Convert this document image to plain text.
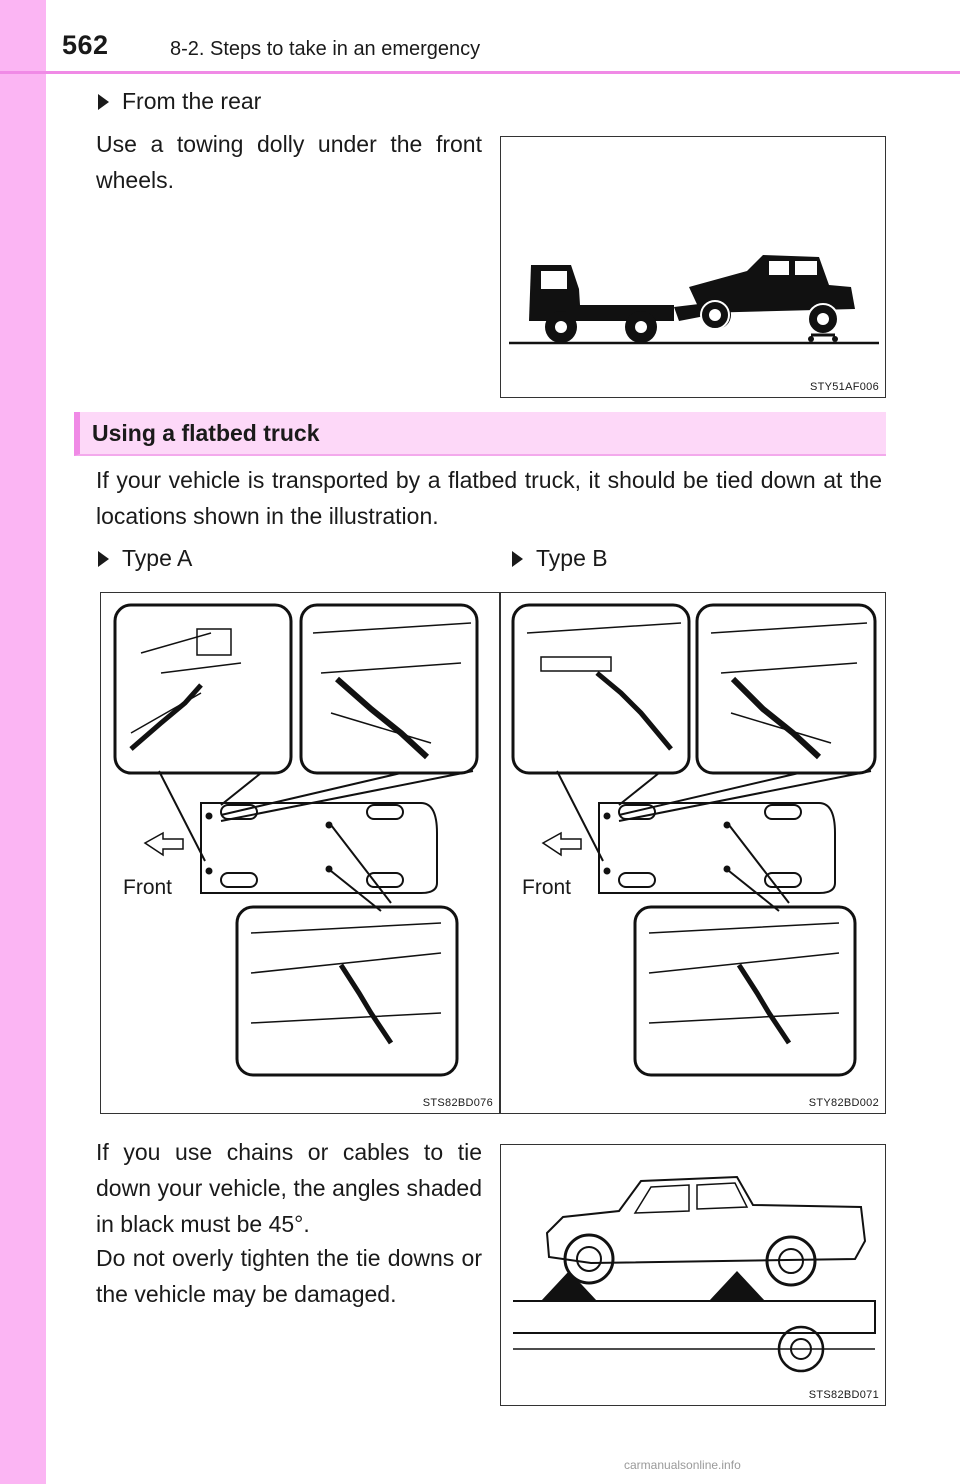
562	8-2. Steps to take in an emergency
From the rear
Use a towing dolly under the front wheels.
STY51AF006
Using a flatbed truck
If your vehicle is transported by a flatbed truck, it should be tied down at the locations shown in the illustration.
Type A	Type B
STS82BD076
Front
STY82BD002
Front
If you use chains or cables to tie down your vehicle, the angles shaded in black must be 45°.
Do not overly tighten the tie downs or the vehicle may be damaged.
STS82BD071
carmanualsonline.info
